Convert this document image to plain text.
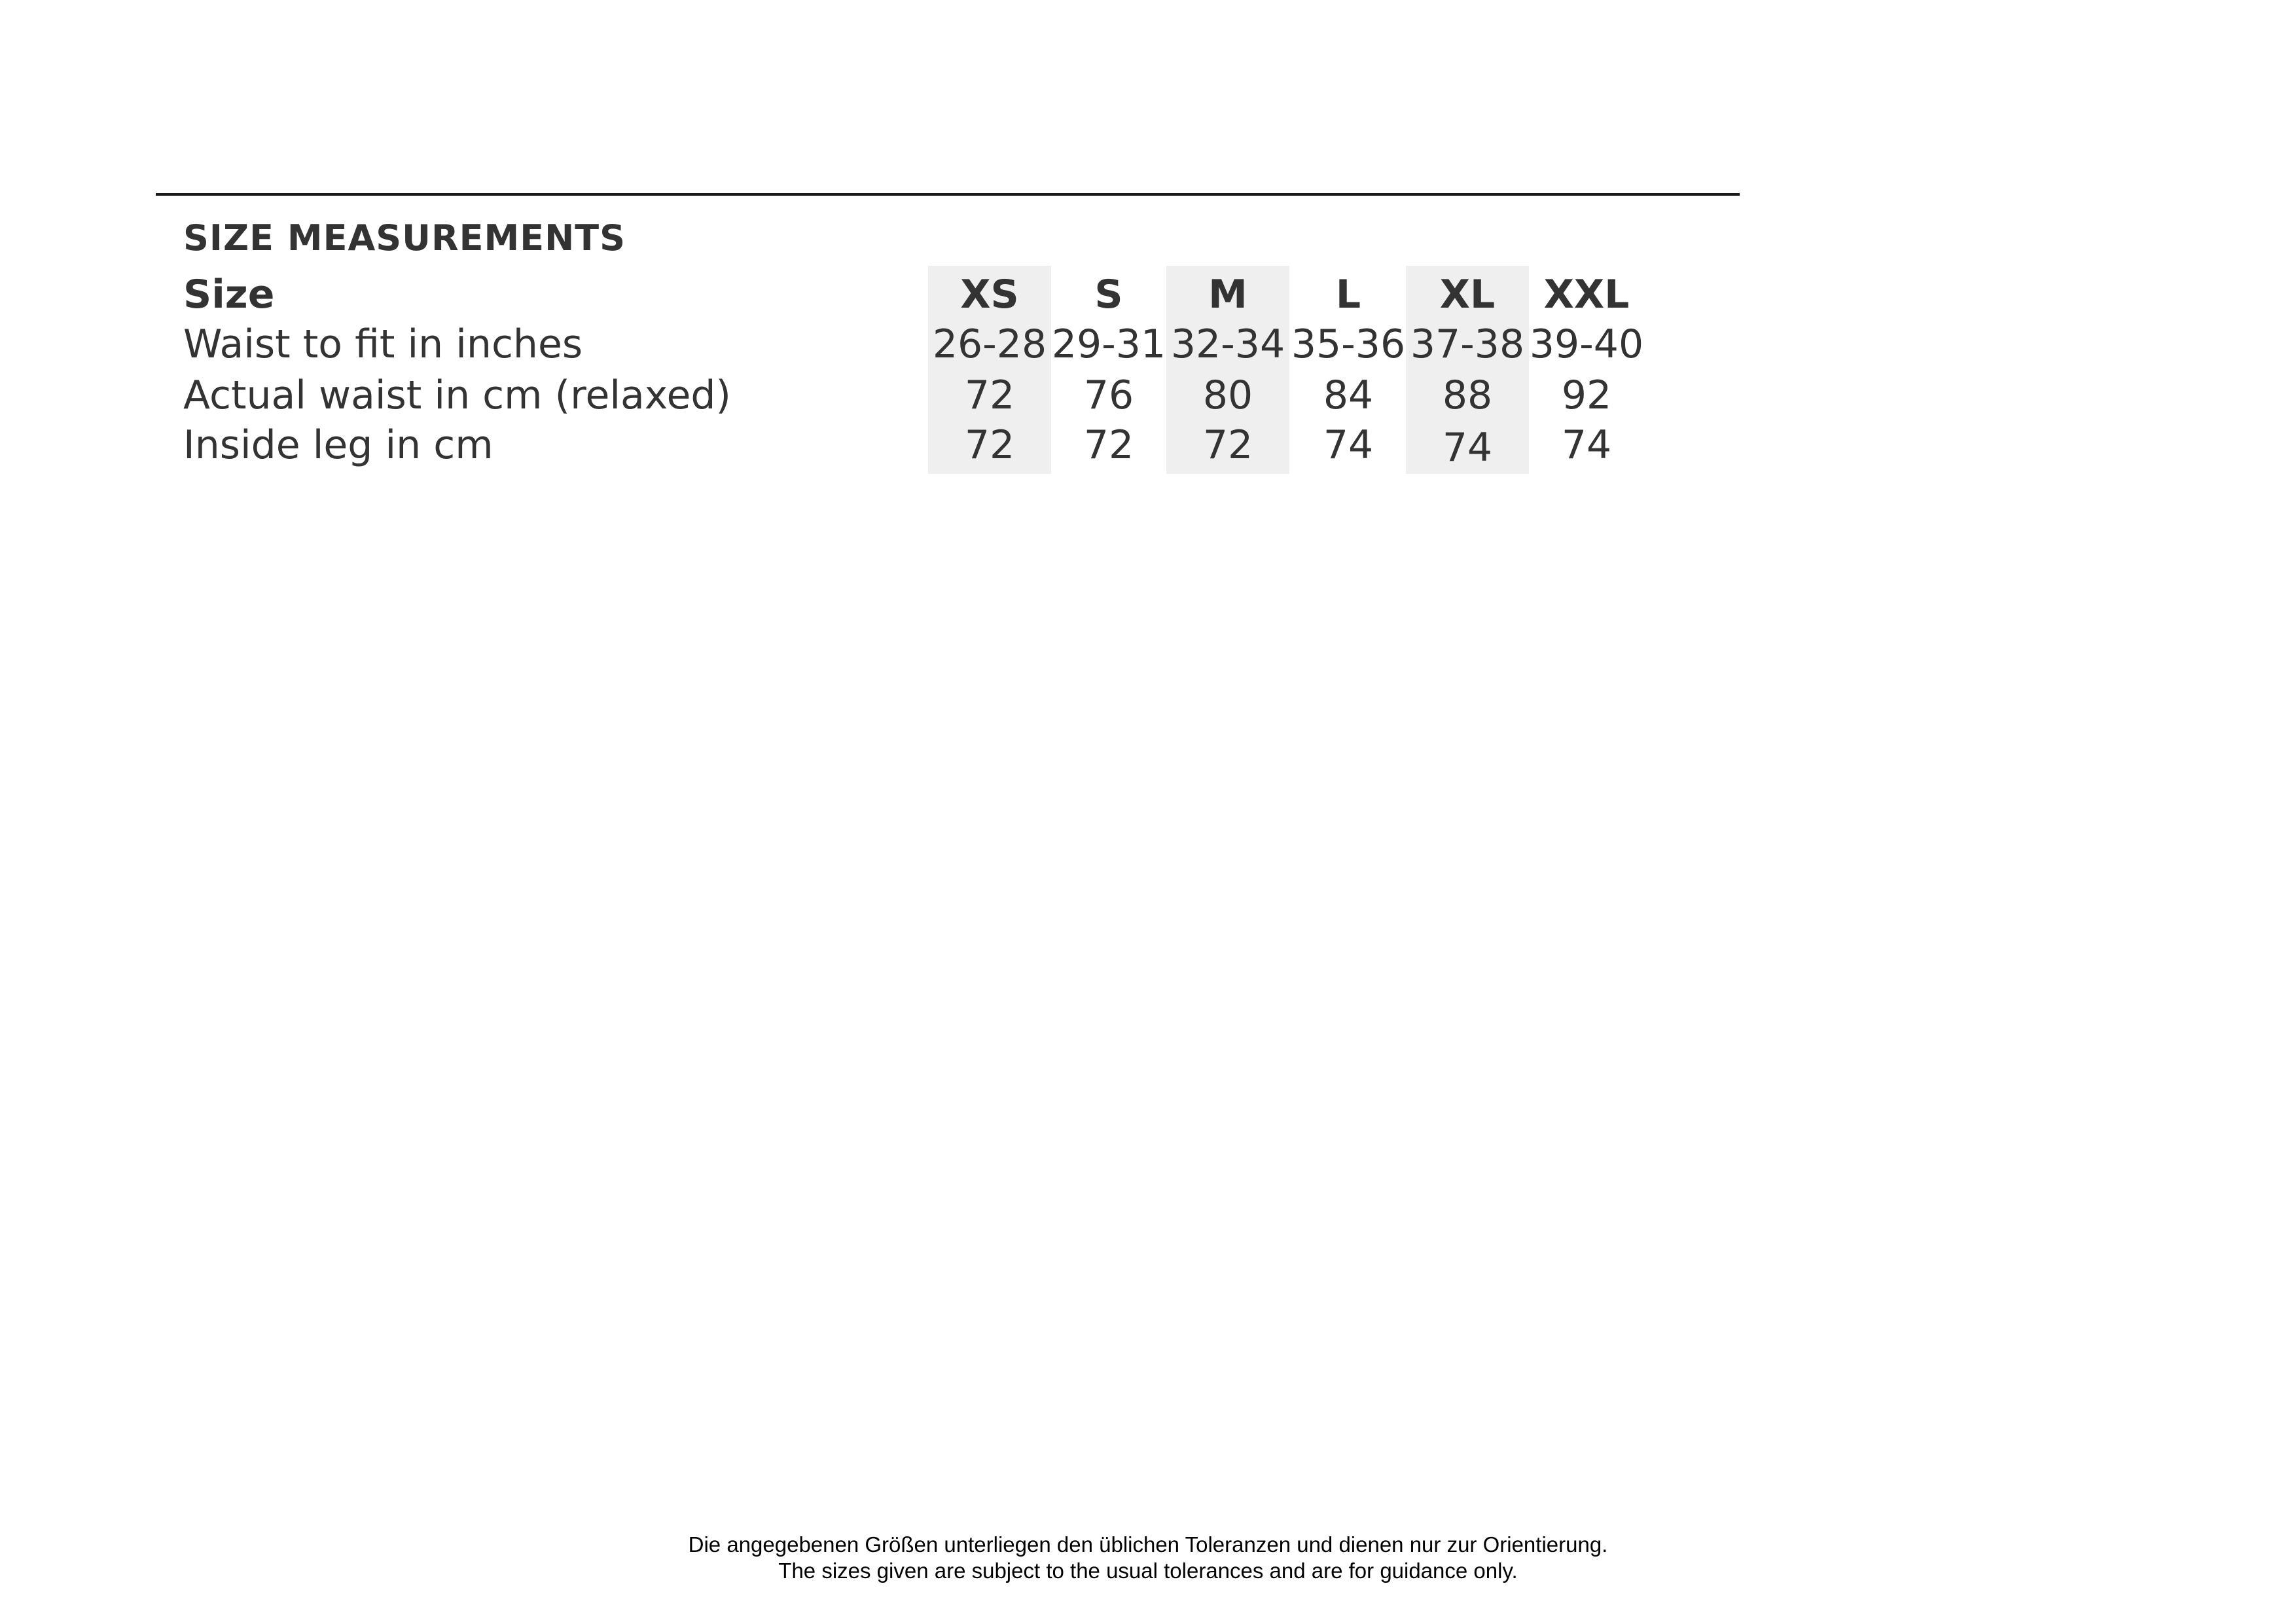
SIZE MEASUREMENTS
Size
Waist to fit in inches
Actual waist in cm (relaxed)
Inside leg in cm
XS
26-28
72
72
S
29-31
76
72
M
32-34
80
72
L
35-36
84
74
XL
37-38
88
74
XXL
39-40
92
74
Die angegebenen Größen unterliegen den üblichen Toleranzen und dienen nur zur Orientierung.
The sizes given are subject to the usual tolerances and are for guidance only.
